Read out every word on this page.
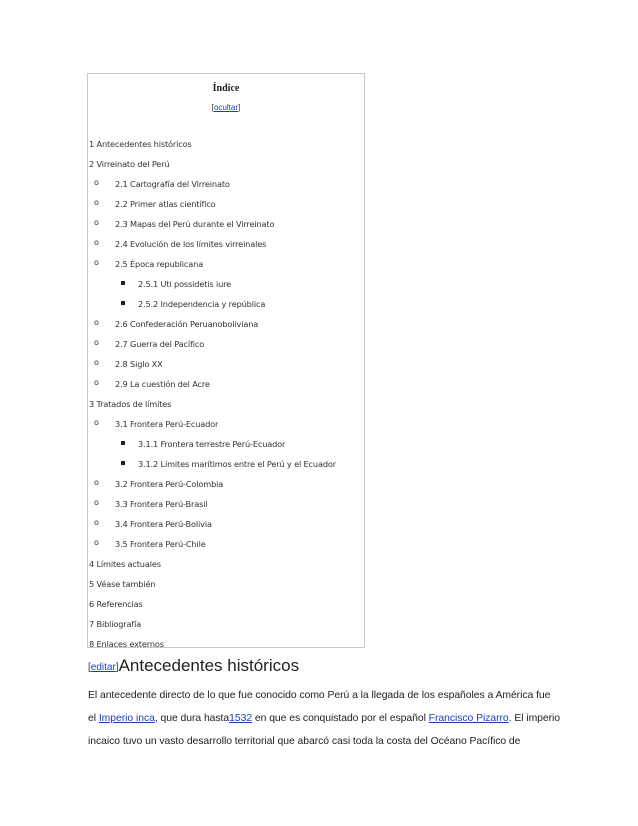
Índice
[ocultar]
1 Antecedentes históricos
2 Virreinato del Perú
o 2.1 Cartografía del Virreinato
o 2.2 Primer atlas científico
o 2.3 Mapas del Perú durante el Virreinato
o 2.4 Evolución de los límites virreinales
o 2.5 Época republicana
2.5.1 Uti possidetis iure
2.5.2 Independencia y república
o 2.6 Confederación Peruanoboliviana
o 2.7 Guerra del Pacífico
o 2.8 Siglo XX
o 2.9 La cuestión del Acre
3 Tratados de límites
o 3.1 Frontera Perú-Ecuador
3.1.1 Frontera terrestre Perú-Ecuador
3.1.2 Límites marítimos entre el Perú y el Ecuador
o 3.2 Frontera Perú-Colombia
o 3.3 Frontera Perú-Brasil
o 3.4 Frontera Perú-Bolivia
o 3.5 Frontera Perú-Chile
4 Límites actuales
5 Véase también
6 Referencias
7 Bibliografía
8 Enlaces externos
[editar]Antecedentes históricos
El antecedente directo de lo que fue conocido como Perú a la llegada de los españoles a América fue
el Imperio inca, que dura hasta1532 en que es conquistado por el español Francisco Pizarro. El imperio
incaico tuvo un vasto desarrollo territorial que abarcó casi toda la costa del Océano Pacífico de
